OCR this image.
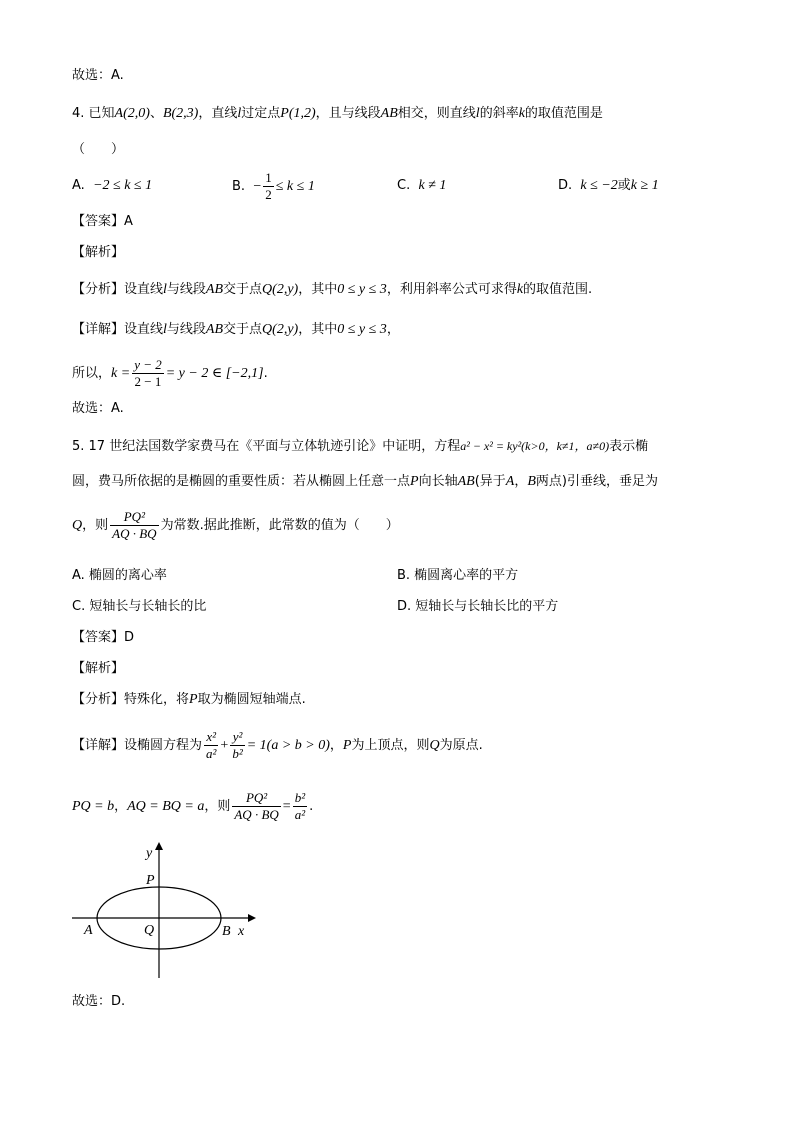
故选：A.
4. 已知A(2,0)、B(2,3)，直线l过定点P(1,2)，且与线段AB相交，则直线l的斜率k的取值范围是
（　　）
A. −2 ≤ k ≤ 1	B. − $\frac{1}{2} \le k \le 1$	C. k ≠ 1	D. k ≤ −2或k ≥ 1
【答案】A
【解析】
【分析】设直线l与线段AB交于点Q(2,y)，其中0 ≤ y ≤ 3，利用斜率公式可求得k的取值范围.
【详解】设直线l与线段AB交于点Q(2,y)，其中0 ≤ y ≤ 3，
所以，$k = \frac{y - 2}{2 - 1} = y - 2$ ∈ [−2,1].
故选：A.
5. 17 世纪法国数学家费马在《平面与立体轨迹引论》中证明，方程a² − x² = ky²(k>0，k≠1，a≠0)表示椭
圆，费马所依据的是椭圆的重要性质：若从椭圆上任意一点P向长轴AB(异于A，B两点)引垂线，垂足为
Q，则 $\frac{\text{PQ²}}{AQ \cdot BQ}$ 为常数.据此推断，此常数的值为（　　）
A. 椭圆的离心率	B. 椭圆离心率的平方
C. 短轴长与长轴长的比	D. 短轴长与长轴长比的平方
【答案】D
【解析】
【分析】特殊化，将P取为椭圆短轴端点.
【详解】设椭圆方程为 $\frac{\text{x²}}{\text{a²}} + \frac{\text{y²}}{\text{b²}} = 1(a > b > 0)$，P为上顶点，则Q为原点.
PQ = b，AQ = BQ = a，则 $\frac{\text{PQ²}}{AQ \cdot BQ} = \frac{\text{b²}}{\text{a²}}$ .
y
x
P
A	Q	B
故选：D.
